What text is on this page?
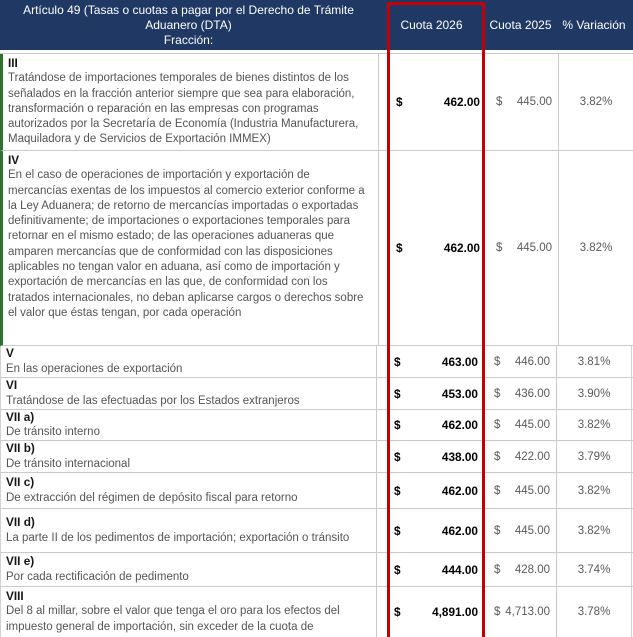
Artículo 49 (Tasas o cuotas a pagar por el Derecho de Trámite Aduanero (DTA)
Fracción:
Cuota 2026	Cuota 2025 % Variación
III
Tratándose de importaciones temporales de bienes distintos de los señalados en la fracción anterior siempre que sea para elaboración, transformación o reparación en las empresas con programas autorizados por la Secretaría de Economía (Industria Manufacturera, Maquiladora y de Servicios de Exportación IMMEX)
$	462.00 $ 445.00	3.82%
IV
En el caso de operaciones de importación y exportación de mercancías exentas de los impuestos al comercio exterior conforme a la Ley Aduanera; de retorno de mercancías importadas o exportadas definitivamente; de importaciones o exportaciones temporales para retornar en el mismo estado; de las operaciones aduaneras que amparen mercancías que de conformidad con las disposiciones aplicables no tengan valor en aduana, así como de importación y exportación de mercancías en las que, de conformidad con los tratados internacionales, no deban aplicarse cargos o derechos sobre el valor que éstas tengan, por cada operación
$	462.00 $ 445.00	3.82%
V
En las operaciones de exportación	$	463.00 $ 446.00	3.81%
VI
Tratándose de las efectuadas por los Estados extranjeros	$	453.00 $ 436.00	3.90%
VII a)
De tránsito interno	$	462.00 $ 445.00	3.82%
VII b)
De tránsito internacional	$	438.00 $ 422.00	3.79%
VII c)
De extracción del régimen de depósito fiscal para retorno	$	462.00 $ 445.00	3.82%
VII d)
La parte II de los pedimentos de importación; exportación o tránsito	$	462.00 $ 445.00	3.82%
VII e)
Por cada rectificación de pedimento	$	444.00 $ 428.00	3.74%
VIII
Del 8 al millar, sobre el valor que tenga el oro para los efectos del impuesto general de importación, sin exceder de la cuota de
$	4,891.00 $ 4,713.00	3.78%
